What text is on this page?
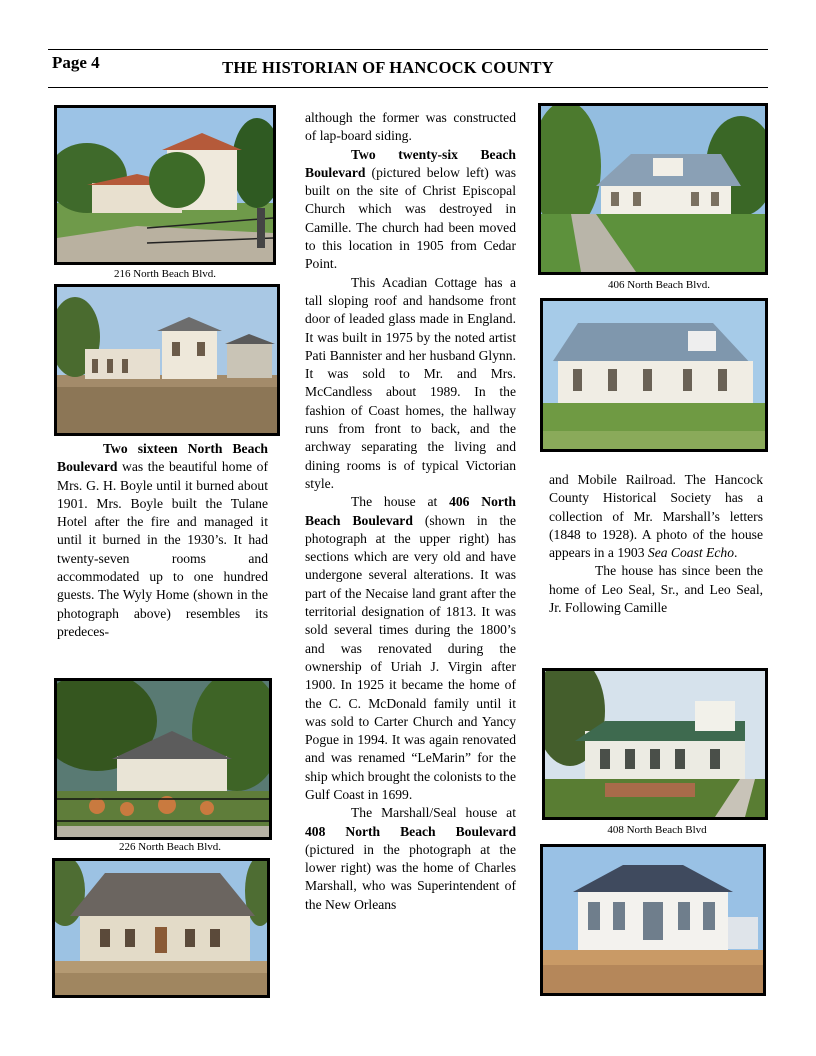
Page 4	THE HISTORIAN OF HANCOCK COUNTY
216 North Beach Blvd.

Two sixteen North Beach Boulevard was the beautiful home of Mrs. G. H. Boyle until it burned about 1901. Mrs. Boyle built the Tulane Hotel after the fire and managed it until it burned in the 1930’s. It had twenty-seven rooms and accommodated up to one hundred guests. The Wyly Home (shown in the photograph above) resembles its predeces-

226 North Beach Blvd.

although the former was constructed of lap-board siding.

Two twenty-six Beach Boulevard (pictured below left) was built on the site of Christ Episcopal Church which was destroyed in Camille. The church had been moved to this location in 1905 from Cedar Point.

This Acadian Cottage has a tall sloping roof and handsome front door of leaded glass made in England. It was built in 1975 by the noted artist Pati Bannister and her husband Glynn. It was sold to Mr. and Mrs. McCandless about 1989. In the fashion of Coast homes, the hallway runs from front to back, and the archway separating the living and dining rooms is of typical Victorian style.

The house at 406 North Beach Boulevard (shown in the photograph at the upper right) has sections which are very old and have undergone several alterations. It was part of the Necaise land grant after the territorial designation of 1813. It was sold several times during the 1800’s and was renovated during the ownership of Uriah J. Virgin after 1900. In 1925 it became the home of the C. C. McDonald family until it was sold to Carter Church and Yancy Pogue in 1994. It was again renovated and was renamed “LeMarin” for the ship which brought the colonists to the Gulf Coast in 1699.

The Marshall/Seal house at 408 North Beach Boulevard (pictured in the photograph at the lower right) was the home of Charles Marshall, who was Superintendent of the New Orleans

406 North Beach Blvd.

and Mobile Railroad. The Hancock County Historical Society has a collection of Mr. Marshall’s letters (1848 to 1928). A photo of the house appears in a 1903 Sea Coast Echo.

The house has since been the home of Leo Seal, Sr., and Leo Seal, Jr. Following Camille

408 North Beach Blvd
